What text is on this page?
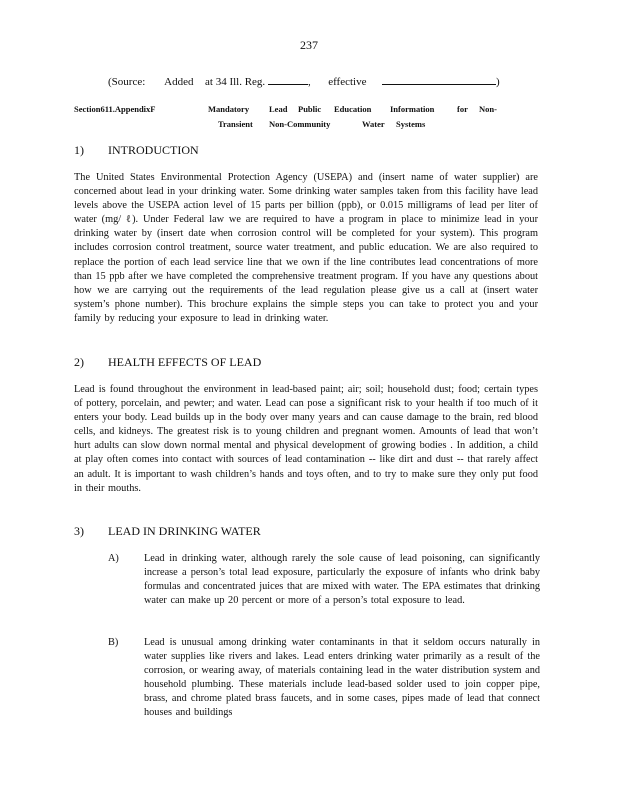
237
(Source: Added at 34 Ill. Reg.	, effective	)
Section611.AppendixF	Mandatory
Transient
Lead Public
Non-Community
Education
Water
Information
Systems
for Non-
1) INTRODUCTION
The United States Environmental Protection Agency (USEPA) and (insert name of water supplier) are concerned about lead in your drinking water. Some drinking water samples taken from this facility have lead levels above the USEPA action level of 15 parts per billion (ppb), or 0.015 milligrams of lead per liter of water (mg/ ℓ). Under Federal law we are required to have a program in place to minimize lead in your drinking water by (insert date when corrosion control will be completed for your system). This program includes corrosion control treatment, source water treatment, and public education. We are also required to replace the portion of each lead service line that we own if the line contributes lead concentrations of more than 15 ppb after we have completed the comprehensive treatment program. If you have any questions about how we are carrying out the requirements of the lead regulation please give us a call at (insert water system’s phone number). This brochure explains the simple steps you can take to protect you and your family by reducing your exposure to lead in drinking water.
2) HEALTH EFFECTS OF LEAD
Lead is found throughout the environment in lead-based paint; air; soil; household dust; food; certain types of pottery, porcelain, and pewter; and water. Lead can pose a significant risk to your health if too much of it enters your body. Lead builds up in the body over many years and can cause damage to the brain, red blood cells, and kidneys. The greatest risk is to young children and pregnant women. Amounts of lead that won’t hurt adults can slow down normal mental and physical development of growing bodies . In addition, a child at play often comes into contact with sources of lead contamination -- like dirt and dust -- that rarely affect an adult. It is important to wash children’s hands and toys often, and to try to make sure they only put food in their mouths.
3) LEAD IN DRINKING WATER
A) Lead in drinking water, although rarely the sole cause of lead poisoning, can significantly increase a person’s total lead exposure, particularly the exposure of infants who drink baby formulas and concentrated juices that are mixed with water. The EPA estimates that drinking water can make up 20 percent or more of a person’s total exposure to lead.
B) Lead is unusual among drinking water contaminants in that it seldom occurs naturally in water supplies like rivers and lakes. Lead enters drinking water primarily as a result of the corrosion, or wearing away, of materials containing lead in the water distribution system and household plumbing. These materials include lead-based solder used to join copper pipe, brass, and chrome plated brass faucets, and in some cases, pipes made of lead that connect houses and buildings
